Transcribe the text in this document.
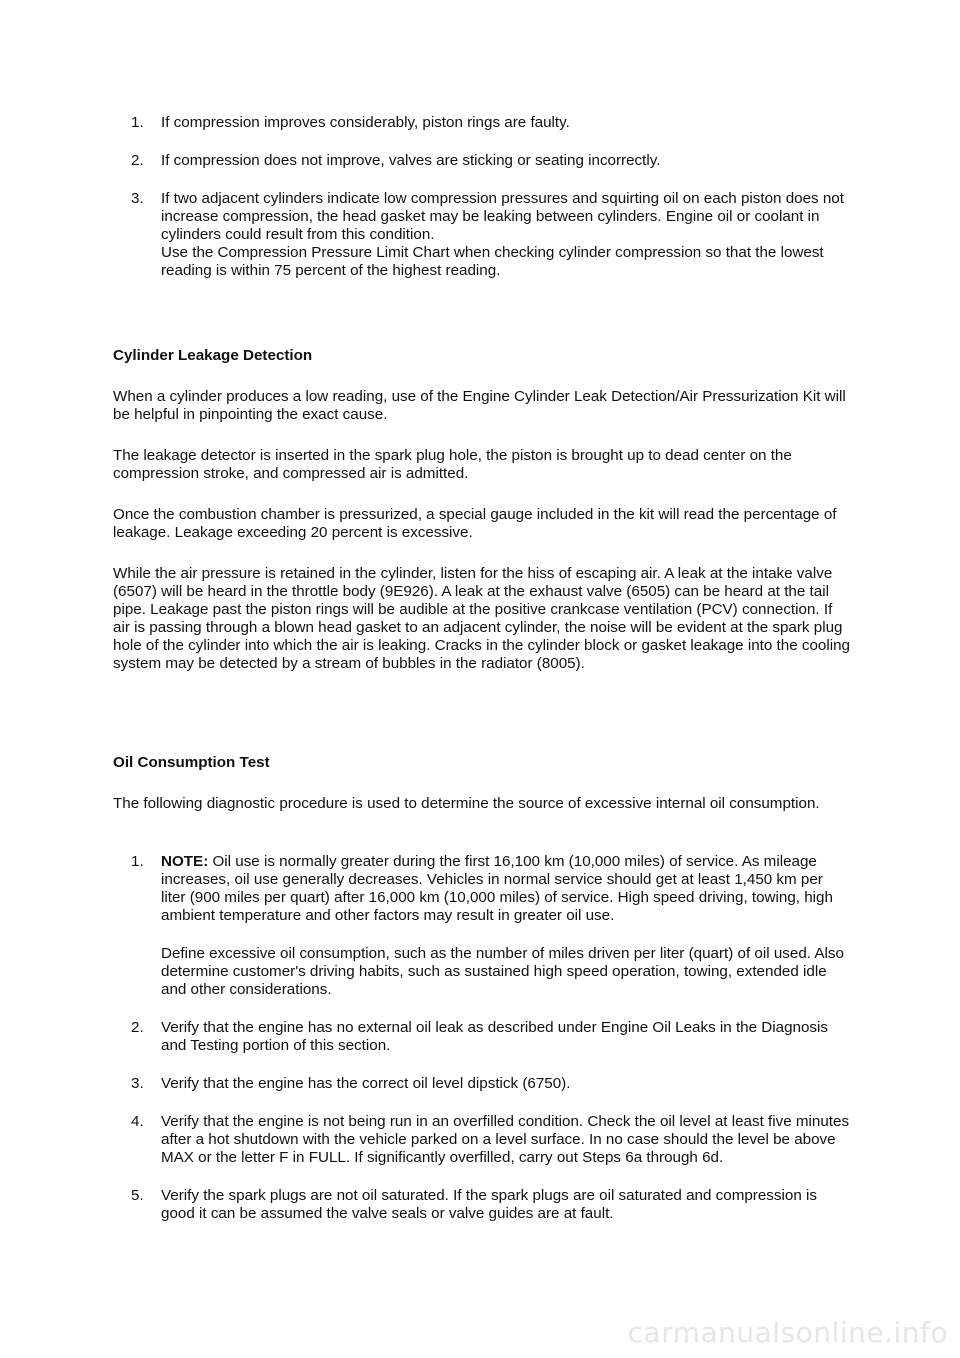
1.	If compression improves considerably, piston rings are faulty.

2.	If compression does not improve, valves are sticking or seating incorrectly.

3.	If two adjacent cylinders indicate low compression pressures and squirting oil on each piston does not increase compression, the head gasket may be leaking between cylinders. Engine oil or coolant in cylinders could result from this condition.

Use the Compression Pressure Limit Chart when checking cylinder compression so that the lowest reading is within 75 percent of the highest reading.

Cylinder Leakage Detection

When a cylinder produces a low reading, use of the Engine Cylinder Leak Detection/Air Pressurization Kit will be helpful in pinpointing the exact cause.

The leakage detector is inserted in the spark plug hole, the piston is brought up to dead center on the compression stroke, and compressed air is admitted.

Once the combustion chamber is pressurized, a special gauge included in the kit will read the percentage of leakage. Leakage exceeding 20 percent is excessive.

While the air pressure is retained in the cylinder, listen for the hiss of escaping air. A leak at the intake valve (6507) will be heard in the throttle body (9E926). A leak at the exhaust valve (6505) can be heard at the tail pipe. Leakage past the piston rings will be audible at the positive crankcase ventilation (PCV) connection. If air is passing through a blown head gasket to an adjacent cylinder, the noise will be evident at the spark plug hole of the cylinder into which the air is leaking. Cracks in the cylinder block or gasket leakage into the cooling system may be detected by a stream of bubbles in the radiator (8005).

Oil Consumption Test

The following diagnostic procedure is used to determine the source of excessive internal oil consumption.

1.	NOTE: Oil use is normally greater during the first 16,100 km (10,000 miles) of service. As mileage increases, oil use generally decreases. Vehicles in normal service should get at least 1,450 km per liter (900 miles per quart) after 16,000 km (10,000 miles) of service. High speed driving, towing, high ambient temperature and other factors may result in greater oil use.

Define excessive oil consumption, such as the number of miles driven per liter (quart) of oil used. Also determine customer's driving habits, such as sustained high speed operation, towing, extended idle and other considerations.

2.	Verify that the engine has no external oil leak as described under Engine Oil Leaks in the Diagnosis and Testing portion of this section.

3.	Verify that the engine has the correct oil level dipstick (6750).

4.	Verify that the engine is not being run in an overfilled condition. Check the oil level at least five minutes after a hot shutdown with the vehicle parked on a level surface. In no case should the level be above MAX or the letter F in FULL. If significantly overfilled, carry out Steps 6a through 6d.

5.	Verify the spark plugs are not oil saturated. If the spark plugs are oil saturated and compression is good it can be assumed the valve seals or valve guides are at fault.

carmanualsonline.info
